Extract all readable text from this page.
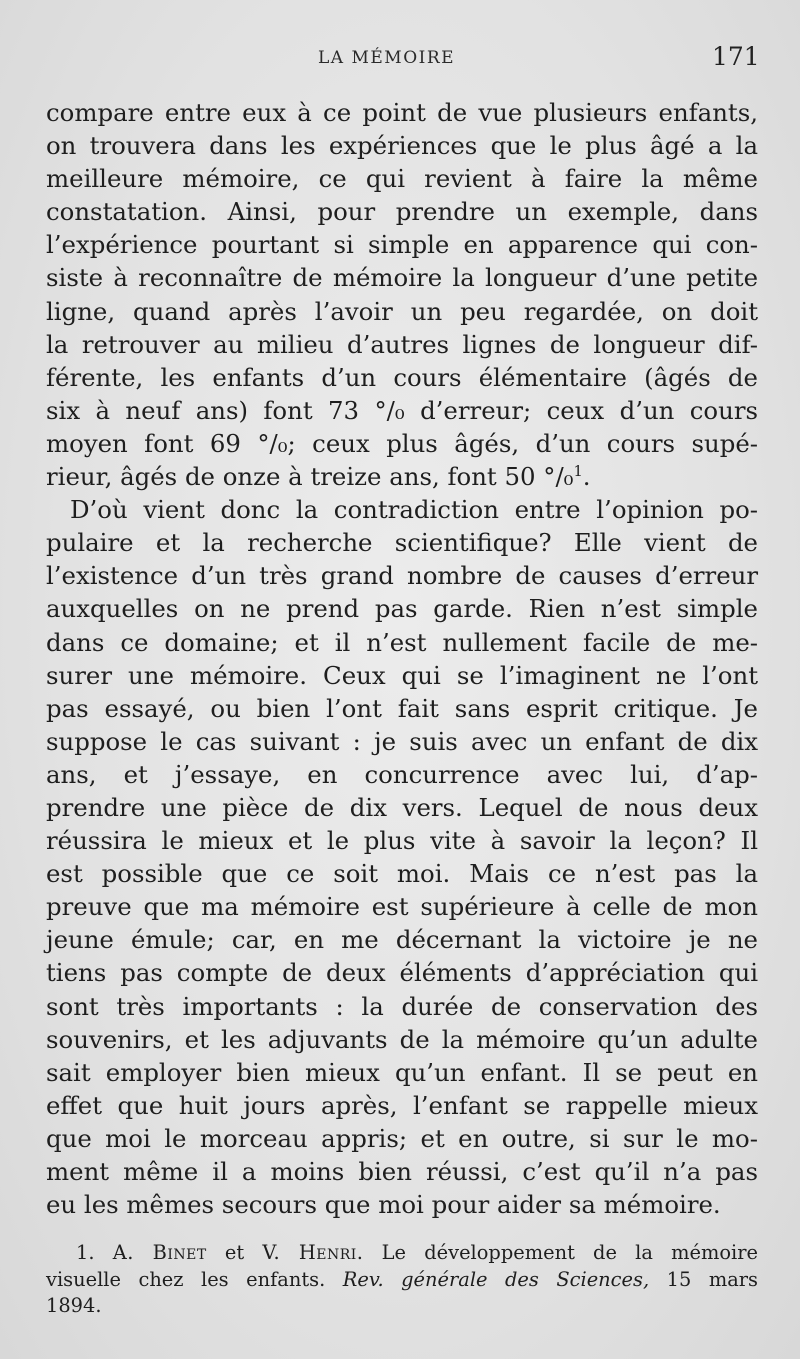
LA MÉMOIRE	171
compare entre eux à ce point de vue plusieurs enfants,
on trouvera dans les expériences que le plus âgé a la
meilleure mémoire, ce qui revient à faire la même
constatation. Ainsi, pour prendre un exemple, dans
l’expérience pourtant si simple en apparence qui con-
siste à reconnaître de mémoire la longueur d’une petite
ligne, quand après l’avoir un peu regardée, on doit
la retrouver au milieu d’autres lignes de longueur dif-
férente, les enfants d’un cours élémentaire (âgés de
six à neuf ans) font 73 °/₀ d’erreur; ceux d’un cours
moyen font 69 °/₀; ceux plus âgés, d’un cours supé-
rieur, âgés de onze à treize ans, font 50 °/₀$^1$.
D’où vient donc la contradiction entre l’opinion po-
pulaire et la recherche scientifique? Elle vient de
l’existence d’un très grand nombre de causes d’erreur
auxquelles on ne prend pas garde. Rien n’est simple
dans ce domaine; et il n’est nullement facile de me-
surer une mémoire. Ceux qui se l’imaginent ne l’ont
pas essayé, ou bien l’ont fait sans esprit critique. Je
suppose le cas suivant : je suis avec un enfant de dix
ans, et j’essaye, en concurrence avec lui, d’ap-
prendre une pièce de dix vers. Lequel de nous deux
réussira le mieux et le plus vite à savoir la leçon? Il
est possible que ce soit moi. Mais ce n’est pas la
preuve que ma mémoire est supérieure à celle de mon
jeune émule; car, en me décernant la victoire je ne
tiens pas compte de deux éléments d’appréciation qui
sont très importants : la durée de conservation des
souvenirs, et les adjuvants de la mémoire qu’un adulte
sait employer bien mieux qu’un enfant. Il se peut en
effet que huit jours après, l’enfant se rappelle mieux
que moi le morceau appris; et en outre, si sur le mo-
ment même il a moins bien réussi, c’est qu’il n’a pas
eu les mêmes secours que moi pour aider sa mémoire.
1. A. Binet et V. Henri. Le développement de la mémoire
visuelle chez les enfants. Rev. générale des Sciences, 15 mars
1894.
